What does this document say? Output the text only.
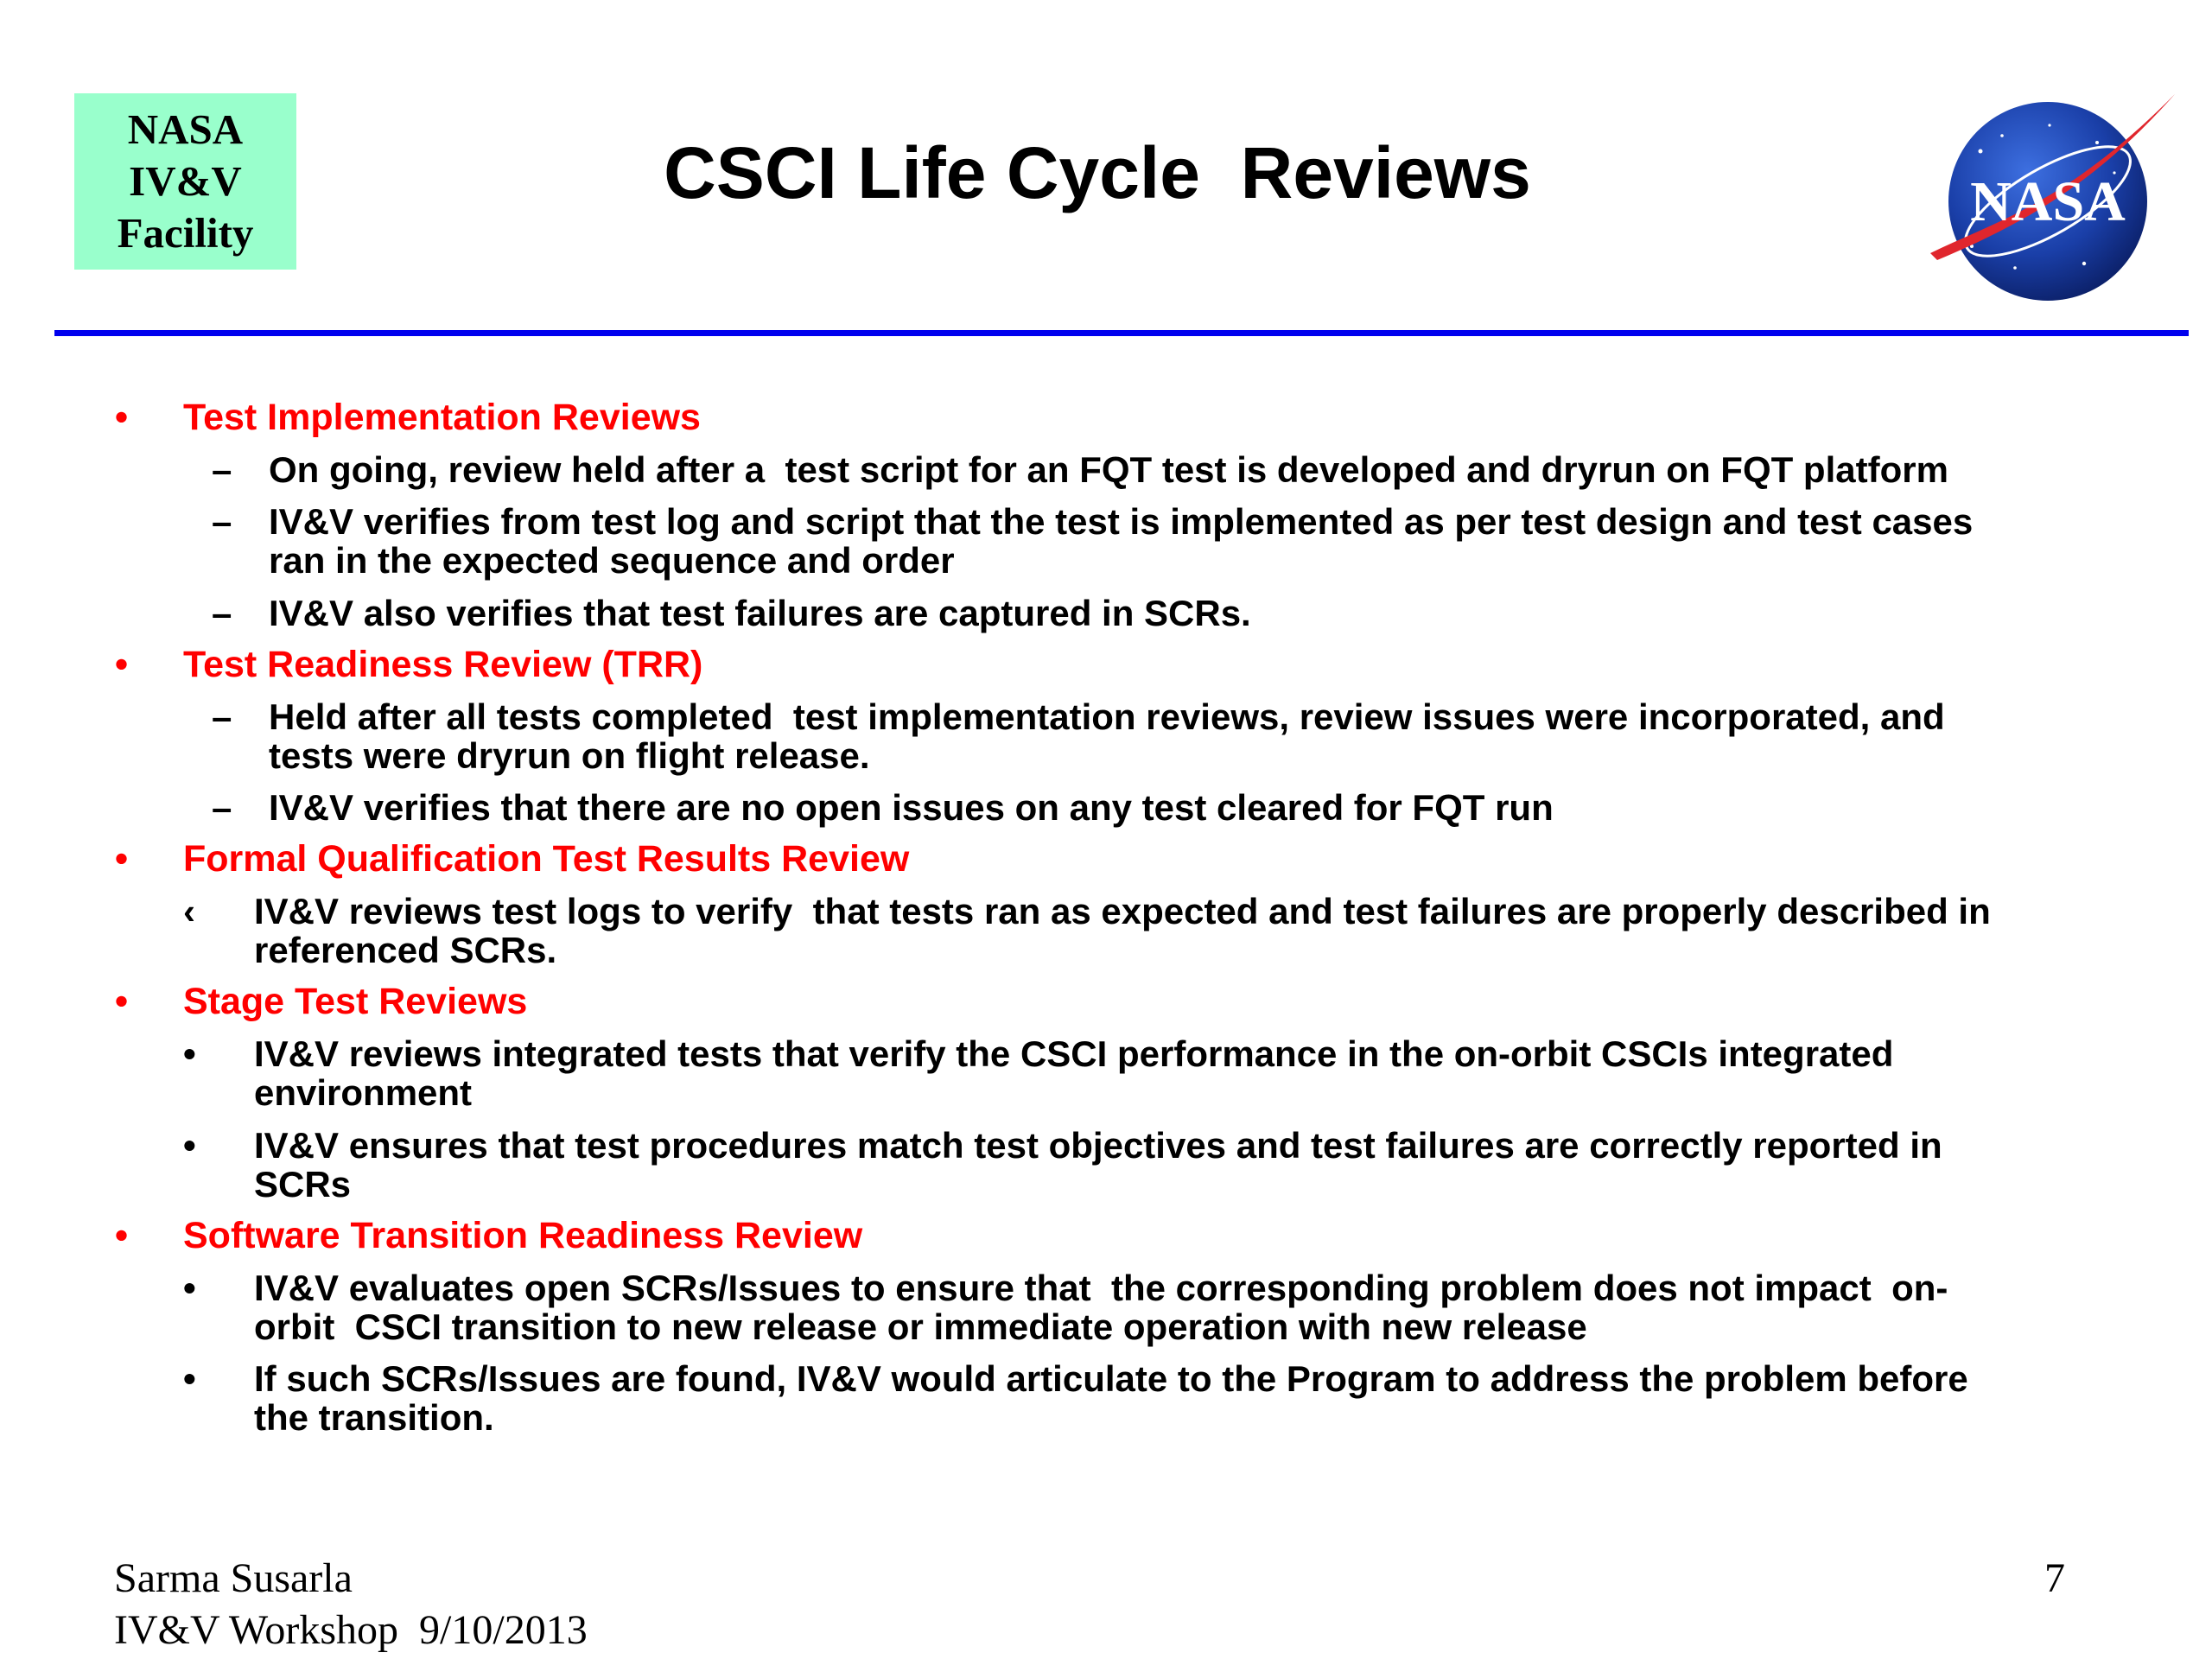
NASA
IV&V
Facility
CSCI Life Cycle  Reviews	NASA
• Test Implementation Reviews
– On going, review held after a  test script for an FQT test is developed and dryrun on FQT platform
– IV&V verifies from test log and script that the test is implemented as per test design and test cases
ran in the expected sequence and order
– IV&V also verifies that test failures are captured in SCRs.
• Test Readiness Review (TRR)
– Held after all tests completed  test implementation reviews, review issues were incorporated, and
tests were dryrun on flight release.
– IV&V verifies that there are no open issues on any test cleared for FQT run
• Formal Qualification Test Results Review
‹ IV&V reviews test logs to verify  that tests ran as expected and test failures are properly described in
referenced SCRs.
• Stage Test Reviews
• IV&V reviews integrated tests that verify the CSCI performance in the on-orbit CSCIs integrated
environment
• IV&V ensures that test procedures match test objectives and test failures are correctly reported in
SCRs
• Software Transition Readiness Review
• IV&V evaluates open SCRs/Issues to ensure that  the corresponding problem does not impact  on-
orbit  CSCI transition to new release or immediate operation with new release
• If such SCRs/Issues are found, IV&V would articulate to the Program to address the problem before
the transition.
Sarma Susarla
IV&V Workshop  9/10/2013
7
